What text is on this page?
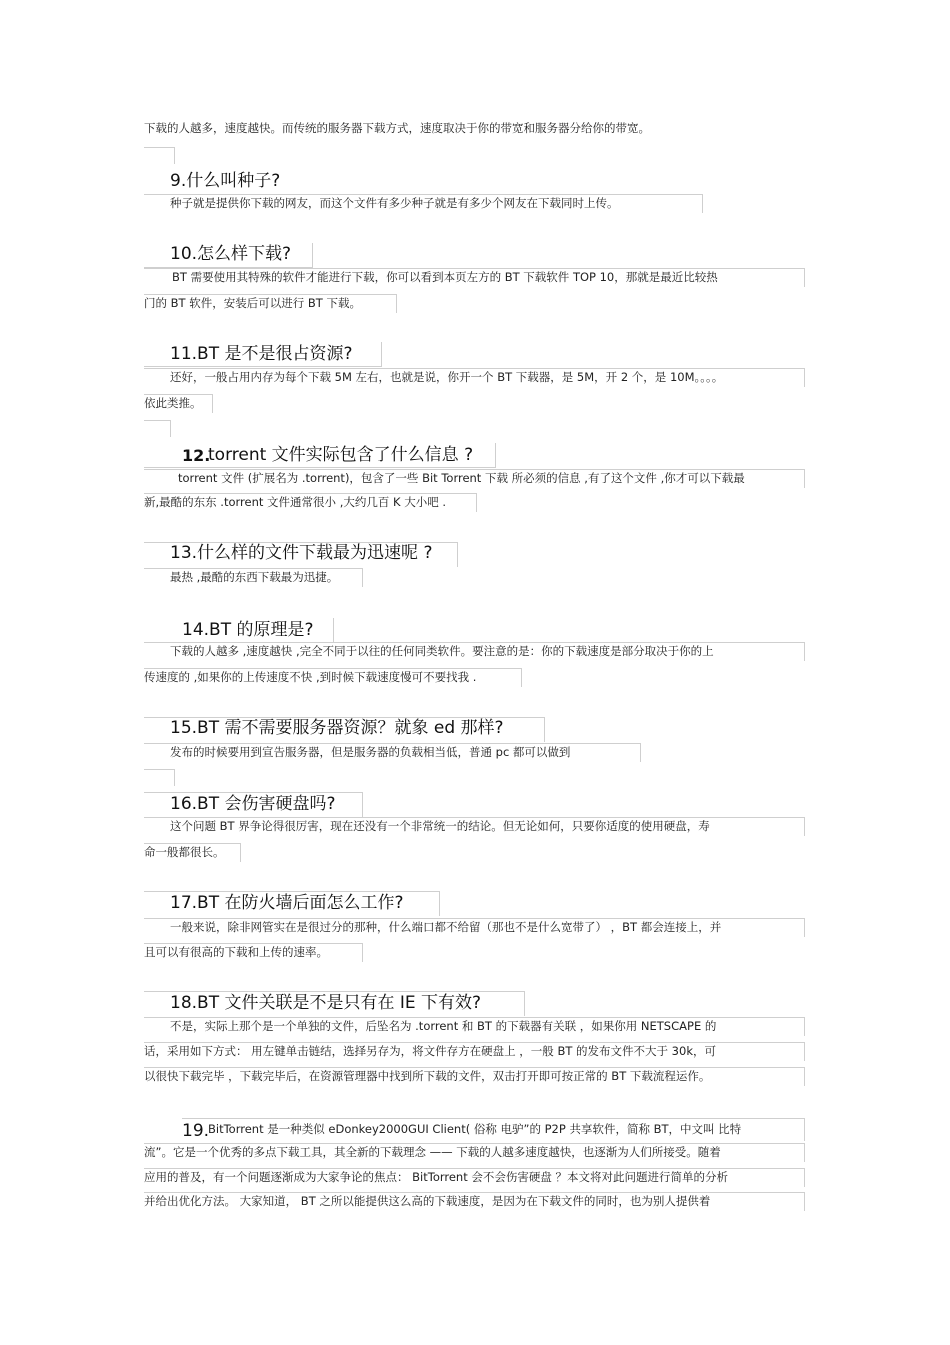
下载的人越多，速度越快。而传统的服务器下载方式，速度取决于你的带宽和服务器分给你的带宽。
9.什么叫种子?
种子就是提供你下载的网友，而这个文件有多少种子就是有多少个网友在下载同时上传。
10.怎么样下载?
BT 需要使用其特殊的软件才能进行下载，你可以看到本页左方的 BT 下载软件 TOP 10，那就是最近比较热
门的 BT 软件，安装后可以进行 BT 下载。
11.BT 是不是很占资源?
还好，一般占用内存为每个下载 5M 左右，也就是说，你开一个 BT 下载器，是 5M，开 2 个，是 10M。。。。
依此类推。
12.
torrent 文件实际包含了什么信息 ?
torrent 文件 (扩展名为 .torrent)，包含了一些 Bit Torrent 下载 所必须的信息 ,有了这个文件 ,你才可以下载最
新,最酷的东东 .torrent 文件通常很小 ,大约几百 K 大小吧 .
13.什么样的文件下载最为迅速呢 ?
最热 ,最酷的东西下载最为迅捷。
14.BT 的原理是?
下载的人越多 ,速度越快 ,完全不同于以往的任何同类软件。要注意的是：你的下载速度是部分取决于你的上
传速度的 ,如果你的上传速度不快 ,到时候下载速度慢可不要找我 .
15.BT 需不需要服务器资源？就象 ed 那样?
发布的时候要用到宣告服务器，但是服务器的负载相当低，普通 pc 都可以做到
16.BT 会伤害硬盘吗?
这个问题 BT 界争论得很厉害，现在还没有一个非常统一的结论。但无论如何，只要你适度的使用硬盘，寿
命一般都很长。
17.BT 在防火墙后面怎么工作?
一般来说，除非网管实在是很过分的那种，什么端口都不给留（那也不是什么宽带了） ，BT 都会连接上，并
且可以有很高的下载和上传的速率。
18.BT 文件关联是不是只有在 IE 下有效?
不是，实际上那个是一个单独的文件，后坠名为 .torrent 和 BT 的下载器有关联 ，如果你用 NETSCAPE 的
话，采用如下方式： 用左键单击链结，选择另存为，将文件存方在硬盘上 ，一般 BT 的发布文件不大于 30k，可
以很快下载完毕 ，下载完毕后，在资源管理器中找到所下载的文件，双击打开即可按正常的 BT 下载流程运作。
19.
BitTorrent 是一种类似 eDonkey2000GUI Client( 俗称 电驴”的 P2P 共享软件，简称 BT，中文叫 比特
流”。它是一个优秀的多点下载工具，其全新的下载理念 —— 下载的人越多速度越快，也逐渐为人们所接受。随着
应用的普及，有一个问题逐渐成为大家争论的焦点： BitTorrent 会不会伤害硬盘 ？本文将对此问题进行简单的分析
并给出优化方法。 大家知道， BT 之所以能提供这么高的下载速度，是因为在下载文件的同时，也为别人提供着
